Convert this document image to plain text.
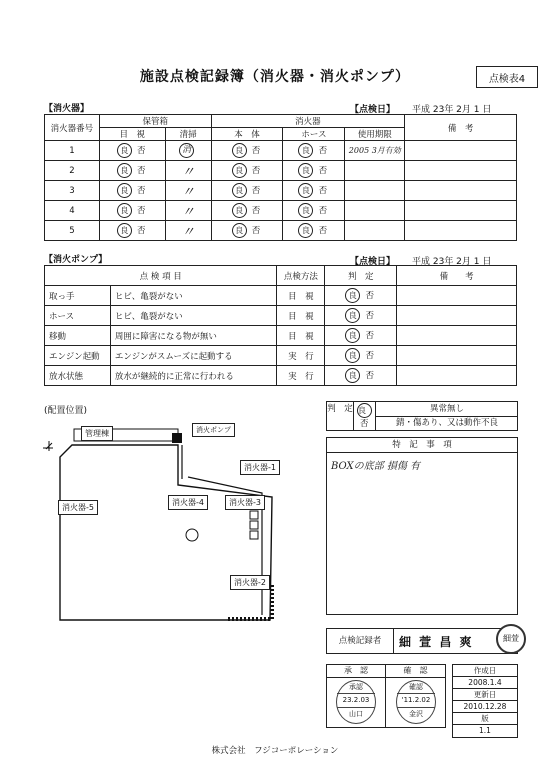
施設点検記録簿（消火器・消火ポンプ）	点検表4
【消火器】	【点検日】 平成 23年 2月 1 日
消火器番号	保管箱		消火器			備　考
	目　視	清掃	本　体	ホース	使用期限	
1	良 否	消	良 否	良 否	2005 3月有効	
2	良 否	〃	良 否	良 否		
3	良 否	〃	良 否	良 否		
4	良 否	〃	良 否	良 否		
5	良 否	〃	良 否	良 否		
【消火ポンプ】	【点検日】 平成 23年 2月 1 日
点 検 項 目		点検方法	判　定	備　　考
取っ手	ヒビ、亀裂がない	目　視	良 否	
ホース	ヒビ、亀裂がない	目　視	良 否	
移動	周囲に障害になる物が無い	目　視	良 否	
エンジン起動	エンジンがスムーズに起動する	実　行	良 否	
放水状態	放水が継続的に正常に行われる	実　行	良 否	
(配置位置)
管理棟	消火ポンプ
消火器-1
消火器-2
消火器-3
消火器-4
消火器-5
判　定 良	異常無し
否	錆・傷あり、又は動作不良
特　記　事　項
BOXの底部 損傷 有
点検記録者	細 萱 昌 爽	細萱
承　認	確　認
承認
23.2.03
山口
確認
'11.2.02
金沢
作成日
2008.1.4
更新日
2010.12.28
版
1.1
株式会社　フジコーポレーション
